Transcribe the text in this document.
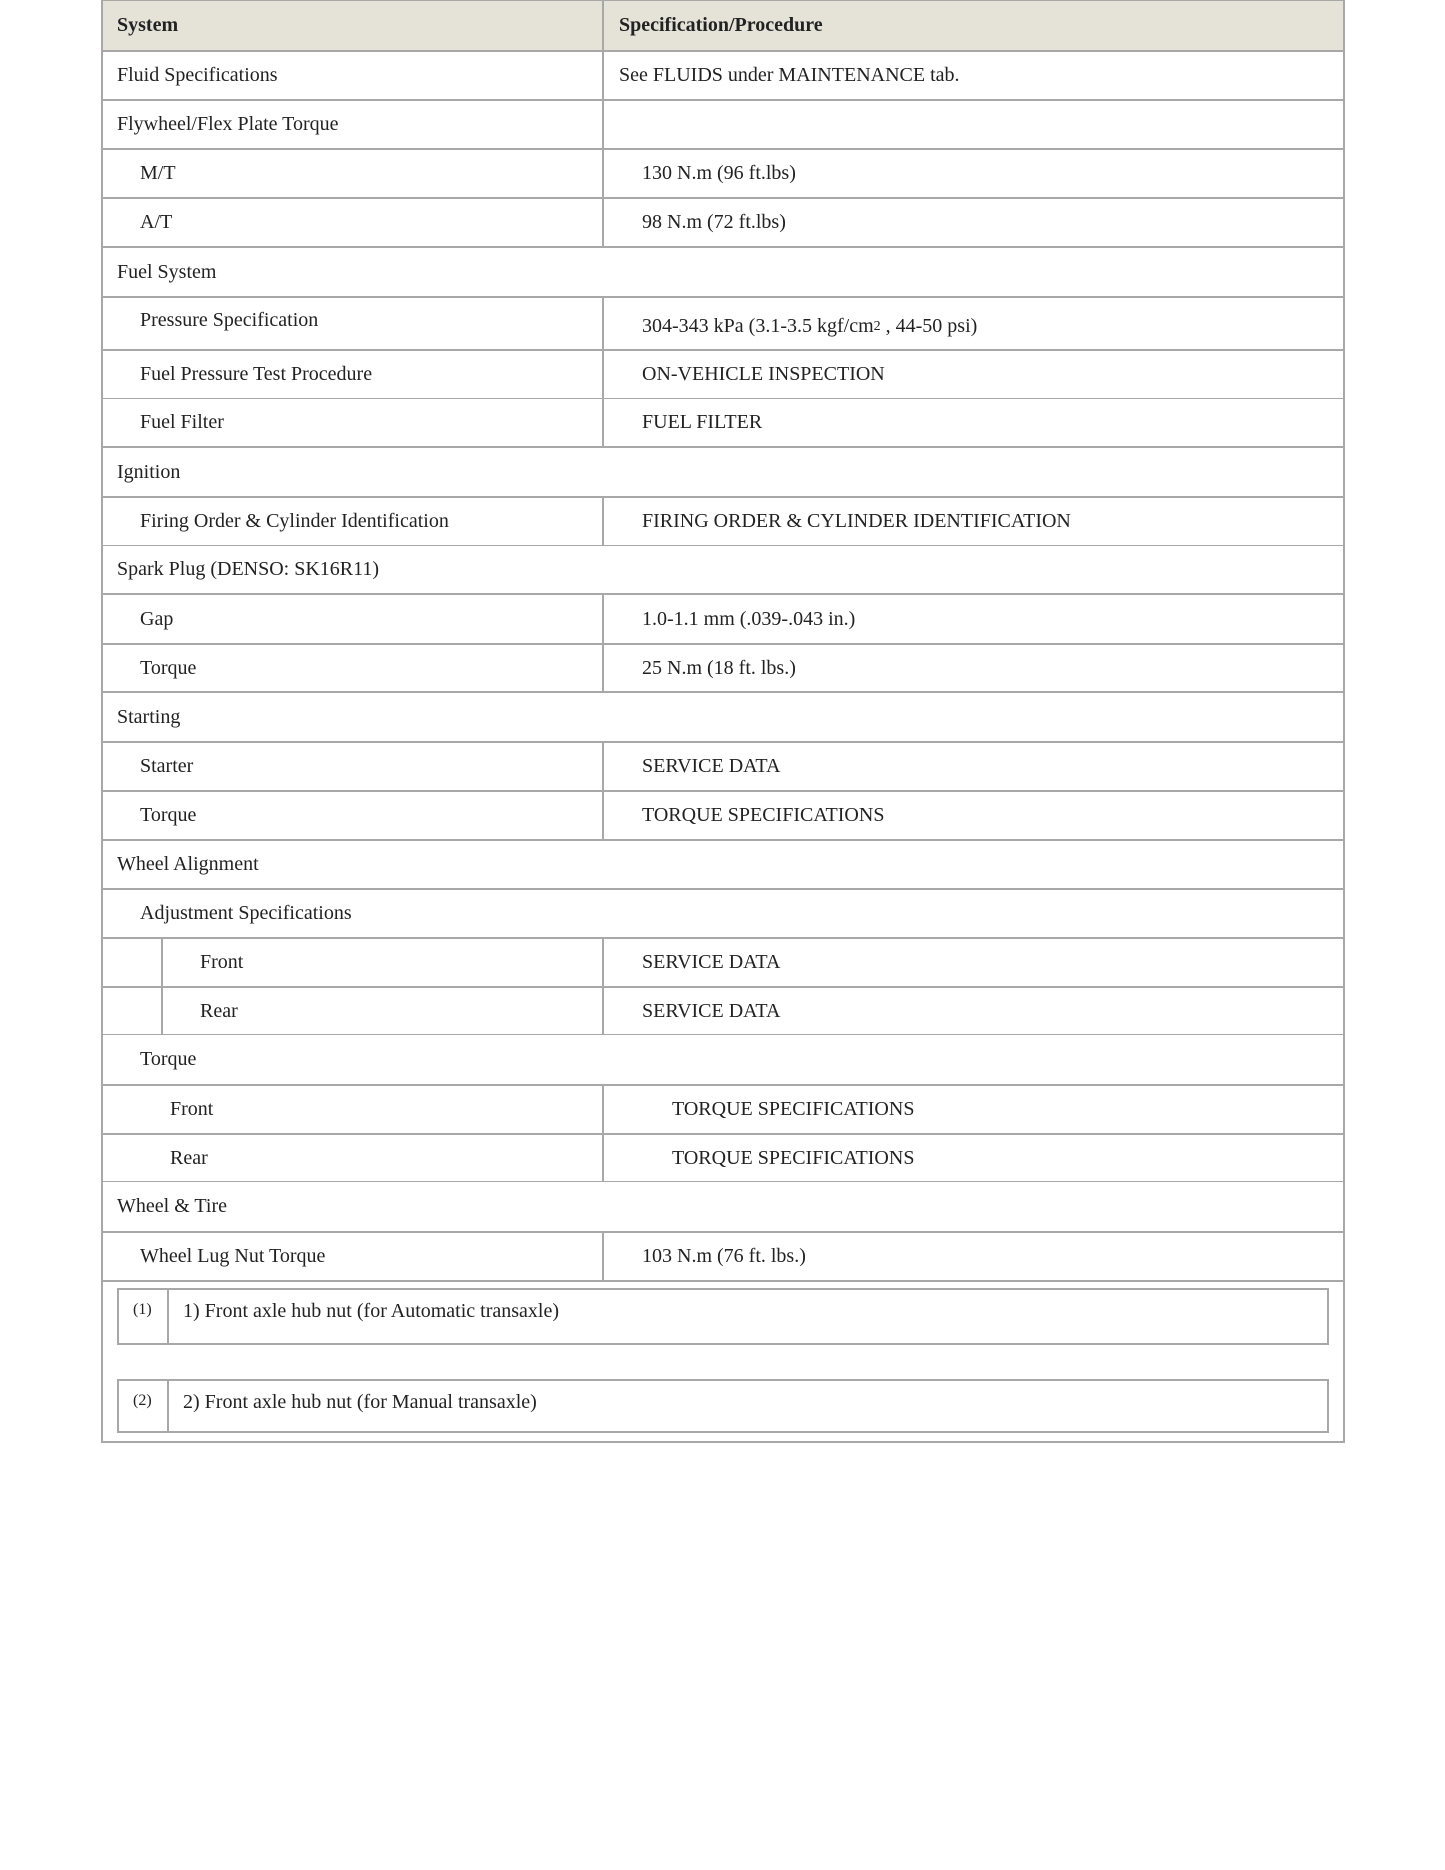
System	Specification/Procedure
Fluid Specifications	See FLUIDS under MAINTENANCE tab.
Flywheel/Flex Plate Torque
M/T	130 N.m (96 ft.lbs)
A/T	98 N.m (72 ft.lbs)
Fuel System
Pressure Specification	304-343 kPa (3.1-3.5 kgf/cm 2 , 44-50 psi)
Fuel Pressure Test Procedure	ON-VEHICLE INSPECTION
Fuel Filter	FUEL FILTER
Ignition
Firing Order & Cylinder Identification	FIRING ORDER & CYLINDER IDENTIFICATION
Spark Plug (DENSO: SK16R11)
Gap	1.0-1.1 mm (.039-.043 in.)
Torque	25 N.m (18 ft. lbs.)
Starting
Starter	SERVICE DATA
Torque	TORQUE SPECIFICATIONS
Wheel Alignment
Adjustment Specifications
Front	SERVICE DATA
Rear	SERVICE DATA
Torque
Front	TORQUE SPECIFICATIONS
Rear	TORQUE SPECIFICATIONS
Wheel & Tire
Wheel Lug Nut Torque	103 N.m (76 ft. lbs.)
(1) 1) Front axle hub nut (for Automatic transaxle)
(2) 2) Front axle hub nut (for Manual transaxle)
